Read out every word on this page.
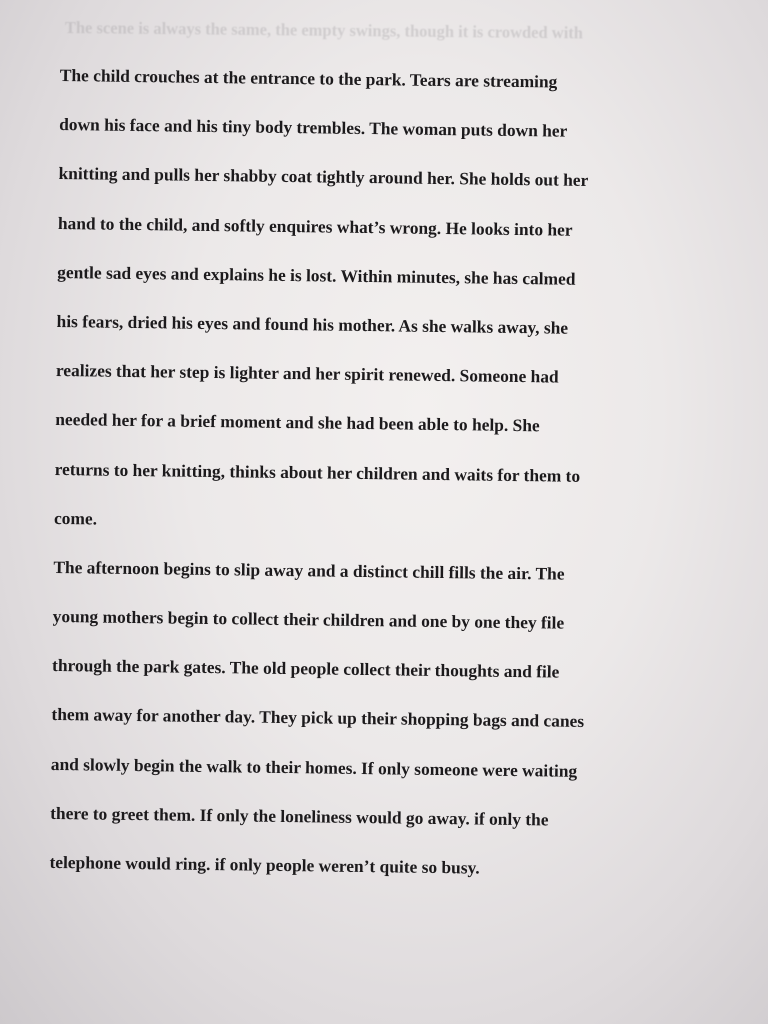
The scene is always the same, the empty swings, though it is crowded with
The child crouches at the entrance to the park. Tears are streaming
down his face and his tiny body trembles. The woman puts down her
knitting and pulls her shabby coat tightly around her. She holds out her
hand to the child, and softly enquires what’s wrong. He looks into her
gentle sad eyes and explains he is lost. Within minutes, she has calmed
his fears, dried his eyes and found his mother. As she walks away, she
realizes that her step is lighter and her spirit renewed. Someone had
needed her for a brief moment and she had been able to help. She
returns to her knitting, thinks about her children and waits for them to
come.
The afternoon begins to slip away and a distinct chill fills the air. The
young mothers begin to collect their children and one by one they file
through the park gates. The old people collect their thoughts and file
them away for another day. They pick up their shopping bags and canes
and slowly begin the walk to their homes. If only someone were waiting
there to greet them. If only the loneliness would go away. if only the
telephone would ring. if only people weren’t quite so busy.
